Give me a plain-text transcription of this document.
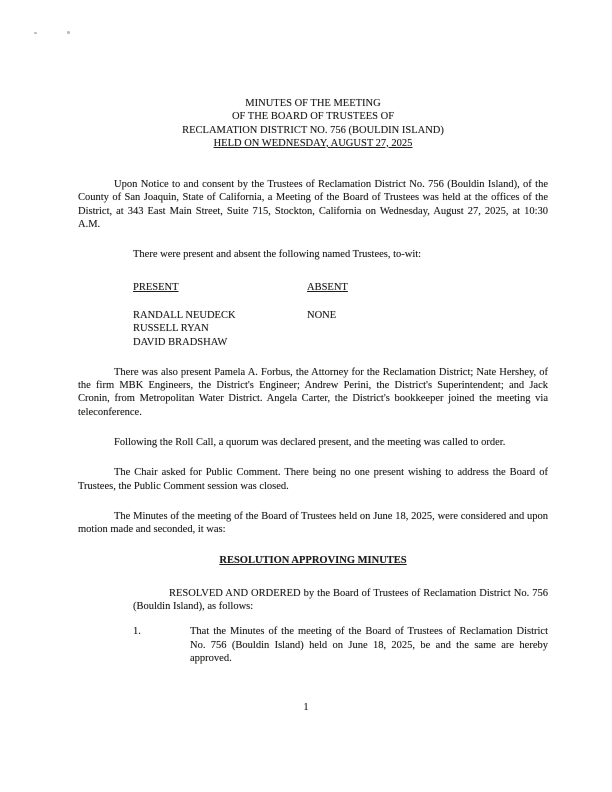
MINUTES OF THE MEETING
OF THE BOARD OF TRUSTEES OF
RECLAMATION DISTRICT NO. 756 (BOULDIN ISLAND)
HELD ON WEDNESDAY, AUGUST 27, 2025

Upon Notice to and consent by the Trustees of Reclamation District No. 756 (Bouldin Island), of the County of San Joaquin, State of California, a Meeting of the Board of Trustees was held at the offices of the District, at 343 East Main Street, Suite 715, Stockton, California on Wednesday, August 27, 2025, at 10:30 A.M.

There were present and absent the following named Trustees, to-wit:

PRESENT	ABSENT
RANDALL NEUDECK
RUSSELL RYAN
DAVID BRADSHAW
NONE

There was also present Pamela A. Forbus, the Attorney for the Reclamation District; Nate Hershey, of the firm MBK Engineers, the District's Engineer; Andrew Perini, the District's Superintendent; and Jack Cronin, from Metropolitan Water District. Angela Carter, the District's bookkeeper joined the meeting via teleconference.

Following the Roll Call, a quorum was declared present, and the meeting was called to order.

The Chair asked for Public Comment. There being no one present wishing to address the Board of Trustees, the Public Comment session was closed.

The Minutes of the meeting of the Board of Trustees held on June 18, 2025, were considered and upon motion made and seconded, it was:

RESOLUTION APPROVING MINUTES

RESOLVED AND ORDERED by the Board of Trustees of Reclamation District No. 756 (Bouldin Island), as follows:

1.	That the Minutes of the meeting of the Board of Trustees of Reclamation District No. 756 (Bouldin Island) held on June 18, 2025, be and the same are hereby approved.
1
